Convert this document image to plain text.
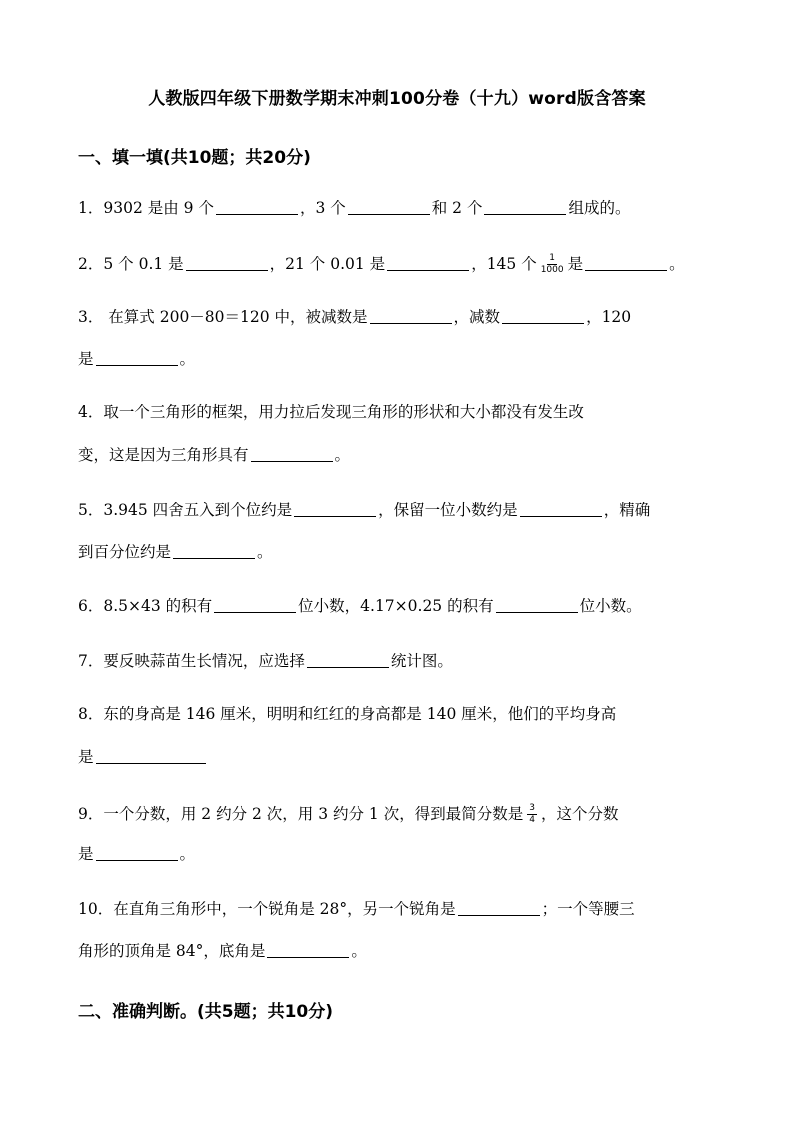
人教版四年级下册数学期末冲刺100分卷（十九）word版含答案
一、填一填(共10题；共20分)
1．9302 是由 9 个	，3 个	和 2 个	组成的。
2．5 个 0.1 是	，21 个 0.01 是	，145 个 $\frac{1}{1000}$ 是	。
3． 在算式 200－80＝120 中，被减数是	，减数	，120
是	。
4．取一个三角形的框架，用力拉后发现三角形的形状和大小都没有发生改
变，这是因为三角形具有	。
5．3.945 四舍五入到个位约是	，保留一位小数约是	，精确
到百分位约是	。
6．8.5×43 的积有	位小数，4.17×0.25 的积有	位小数。
7．要反映蒜苗生长情况，应选择	统计图。
8．东的身高是 146 厘米，明明和红红的身高都是 140 厘米，他们的平均身高
是
9．一个分数，用 2 约分 2 次，用 3 约分 1 次，得到最简分数是 $\frac{3}{4}$ ，这个分数
是	。
10．在直角三角形中，一个锐角是 28°，另一个锐角是	；一个等腰三
角形的顶角是 84°，底角是	。
二、准确判断。(共5题；共10分)
